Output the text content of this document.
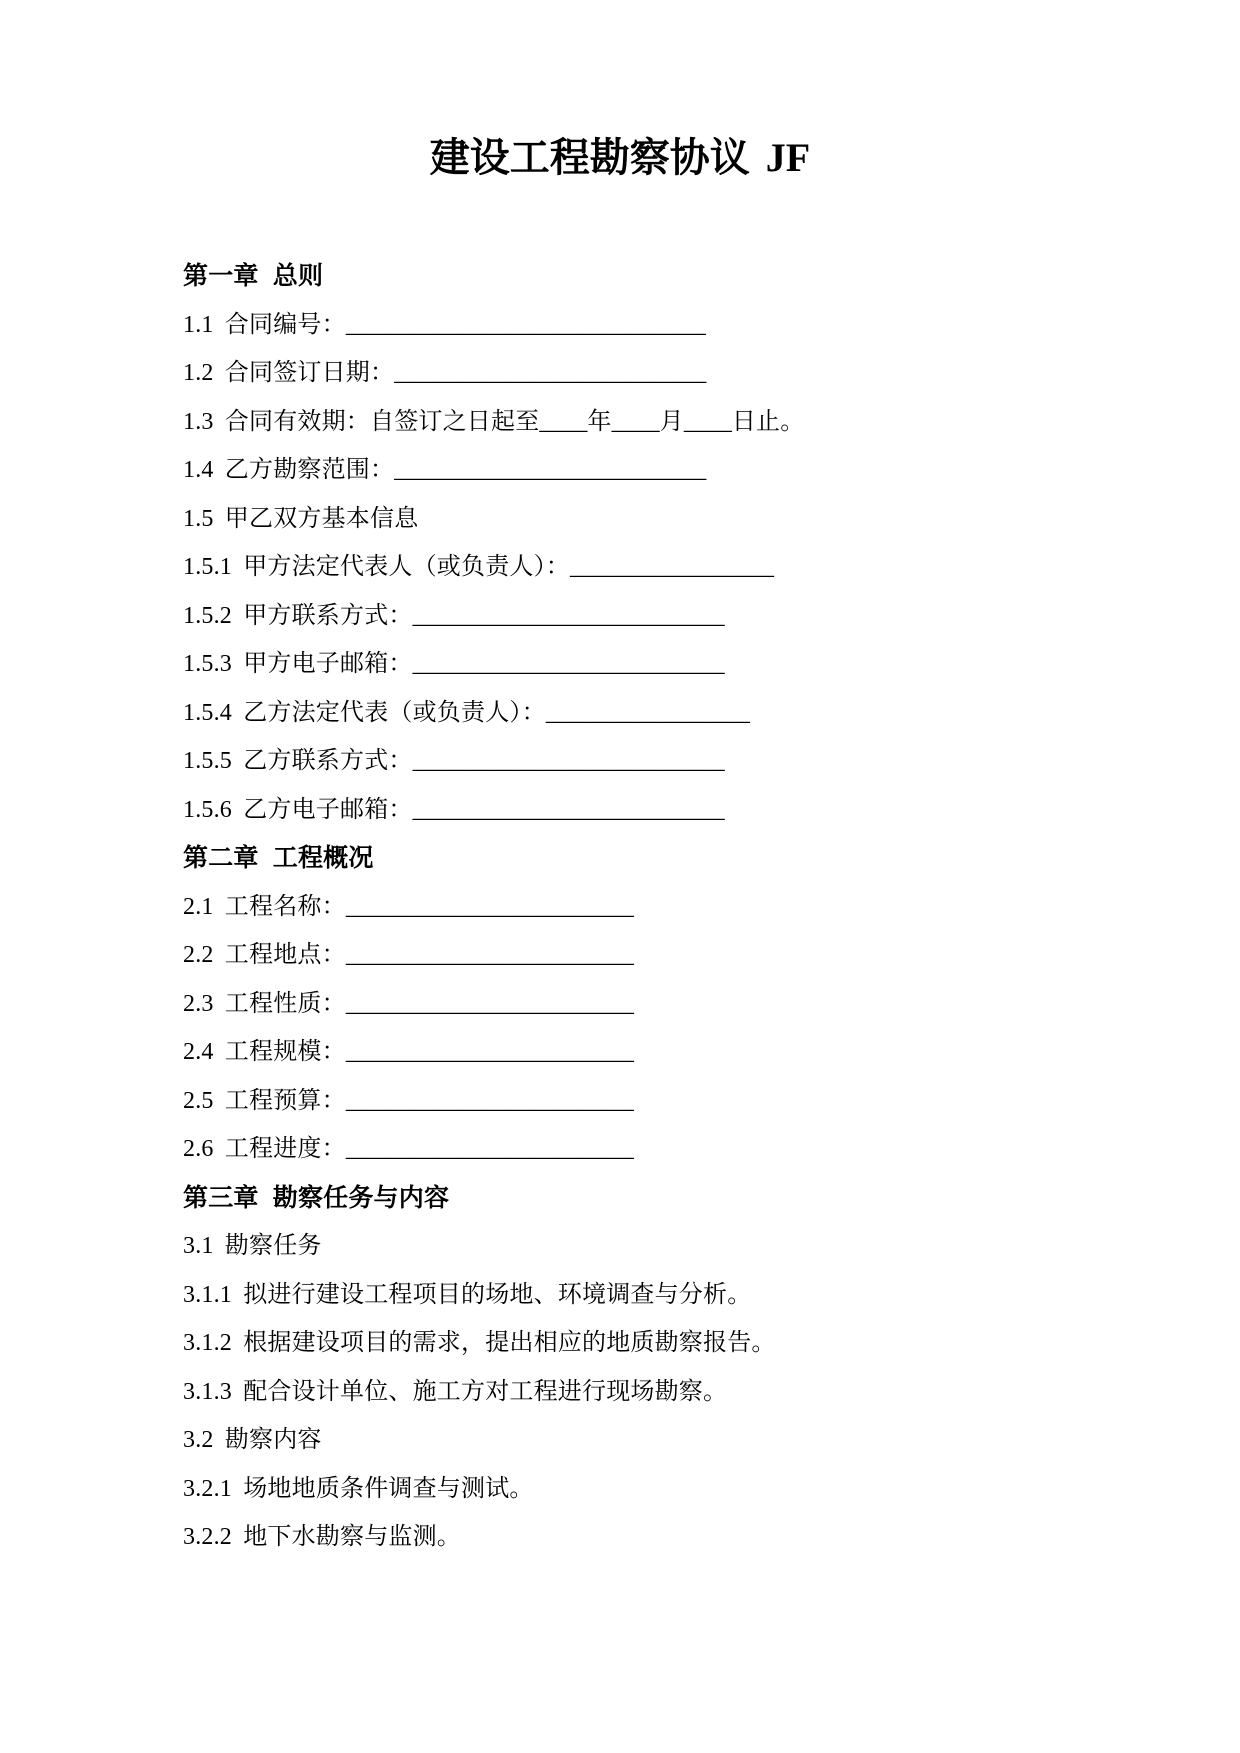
建设工程勘察协议 JF

第一章 总则

1.1 合同编号：______________________________

1.2 合同签订日期：__________________________

1.3 合同有效期：自签订之日起至____年____月____日止。

1.4 乙方勘察范围：__________________________

1.5 甲乙双方基本信息

1.5.1 甲方法定代表人（或负责人）：_________________

1.5.2 甲方联系方式：__________________________

1.5.3 甲方电子邮箱：__________________________

1.5.4 乙方法定代表（或负责人）：_________________

1.5.5 乙方联系方式：__________________________

1.5.6 乙方电子邮箱：__________________________

第二章 工程概况

2.1 工程名称：________________________

2.2 工程地点：________________________

2.3 工程性质：________________________

2.4 工程规模：________________________

2.5 工程预算：________________________

2.6 工程进度：________________________

第三章 勘察任务与内容

3.1 勘察任务

3.1.1 拟进行建设工程项目的场地、环境调查与分析。

3.1.2 根据建设项目的需求，提出相应的地质勘察报告。

3.1.3 配合设计单位、施工方对工程进行现场勘察。

3.2 勘察内容

3.2.1 场地地质条件调查与测试。

3.2.2 地下水勘察与监测。
